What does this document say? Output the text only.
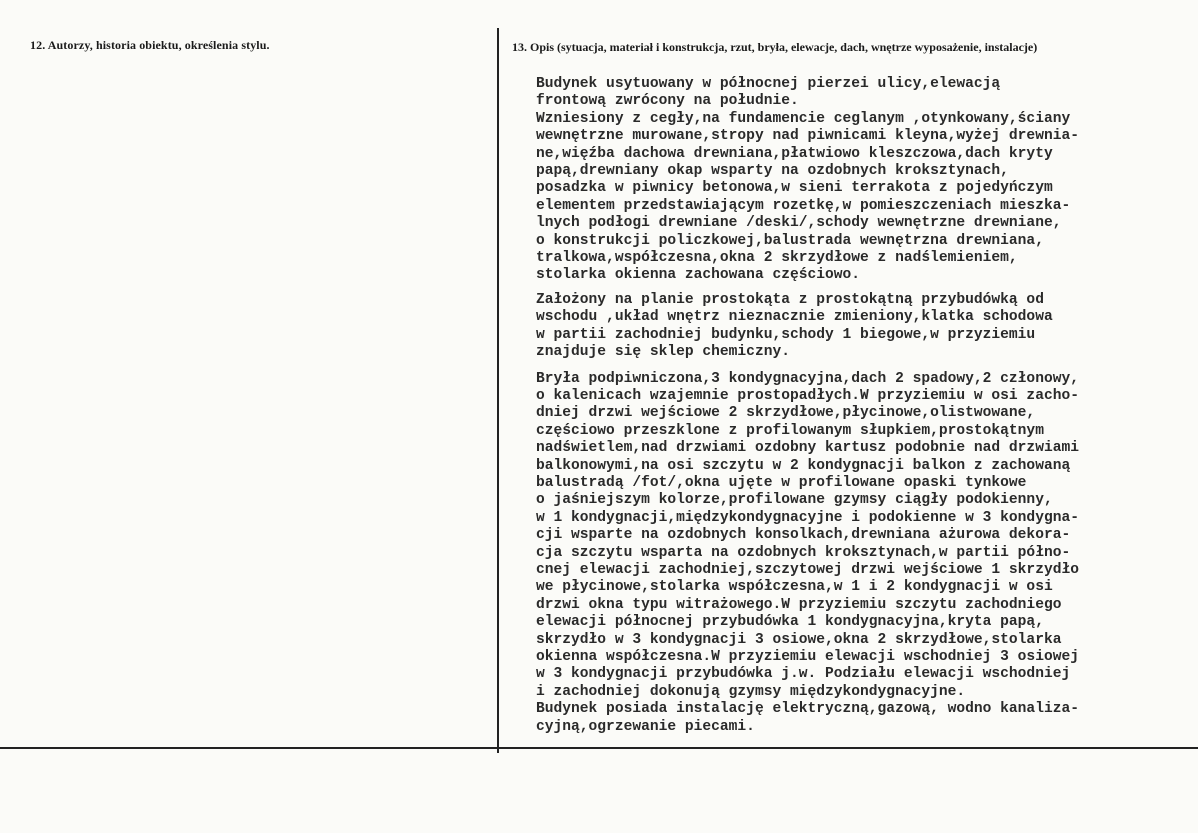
12. Autorzy, historia obiektu, określenia stylu.	13. Opis (sytuacja, materiał i konstrukcja, rzut, bryła, elewacje, dach, wnętrze wyposażenie, instalacje)
Budynek usytuowany w północnej pierzei ulicy,elewacją
frontową zwrócony na południe.
Wzniesiony z cegły,na fundamencie ceglanym ,otynkowany,ściany
wewnętrzne murowane,stropy nad piwnicami kleyna,wyżej drewnia-
ne,więźba dachowa drewniana,płatwiowo kleszczowa,dach kryty
papą,drewniany okap wsparty na ozdobnych kroksztynach,
posadzka w piwnicy betonowa,w sieni terrakota z pojedyńczym
elementem przedstawiającym rozetkę,w pomieszczeniach mieszka-
lnych podłogi drewniane /deski/,schody wewnętrzne drewniane,
o konstrukcji policzkowej,balustrada wewnętrzna drewniana,
tralkowa,współczesna,okna 2 skrzydłowe z nadślemieniem,
stolarka okienna zachowana częściowo.
Założony na planie prostokąta z prostokątną przybudówką od
wschodu ,układ wnętrz nieznacznie zmieniony,klatka schodowa
w partii zachodniej budynku,schody 1 biegowe,w przyziemiu
znajduje się sklep chemiczny.
Bryła podpiwniczona,3 kondygnacyjna,dach 2 spadowy,2 członowy,
o kalenicach wzajemnie prostopadłych.W przyziemiu w osi zacho-
dniej drzwi wejściowe 2 skrzydłowe,płycinowe,olistwowane,
częściowo przeszklone z profilowanym słupkiem,prostokątnym
nadświetlem,nad drzwiami ozdobny kartusz podobnie nad drzwiami
balkonowymi,na osi szczytu w 2 kondygnacji balkon z zachowaną
balustradą /fot/,okna ujęte w profilowane opaski tynkowe
o jaśniejszym kolorze,profilowane gzymsy ciągły podokienny,
w 1 kondygnacji,międzykondygnacyjne i podokienne w 3 kondygna-
cji wsparte na ozdobnych konsolkach,drewniana ażurowa dekora-
cja szczytu wsparta na ozdobnych kroksztynach,w partii półno-
cnej elewacji zachodniej,szczytowej drzwi wejściowe 1 skrzydło
we płycinowe,stolarka współczesna,w 1 i 2 kondygnacji w osi
drzwi okna typu witrażowego.W przyziemiu szczytu zachodniego
elewacji północnej przybudówka 1 kondygnacyjna,kryta papą,
skrzydło w 3 kondygnacji 3 osiowe,okna 2 skrzydłowe,stolarka
okienna współczesna.W przyziemiu elewacji wschodniej 3 osiowej
w 3 kondygnacji przybudówka j.w. Podziału elewacji wschodniej
i zachodniej dokonują gzymsy międzykondygnacyjne.
Budynek posiada instalację elektryczną,gazową, wodno kanaliza-
cyjną,ogrzewanie piecami.
